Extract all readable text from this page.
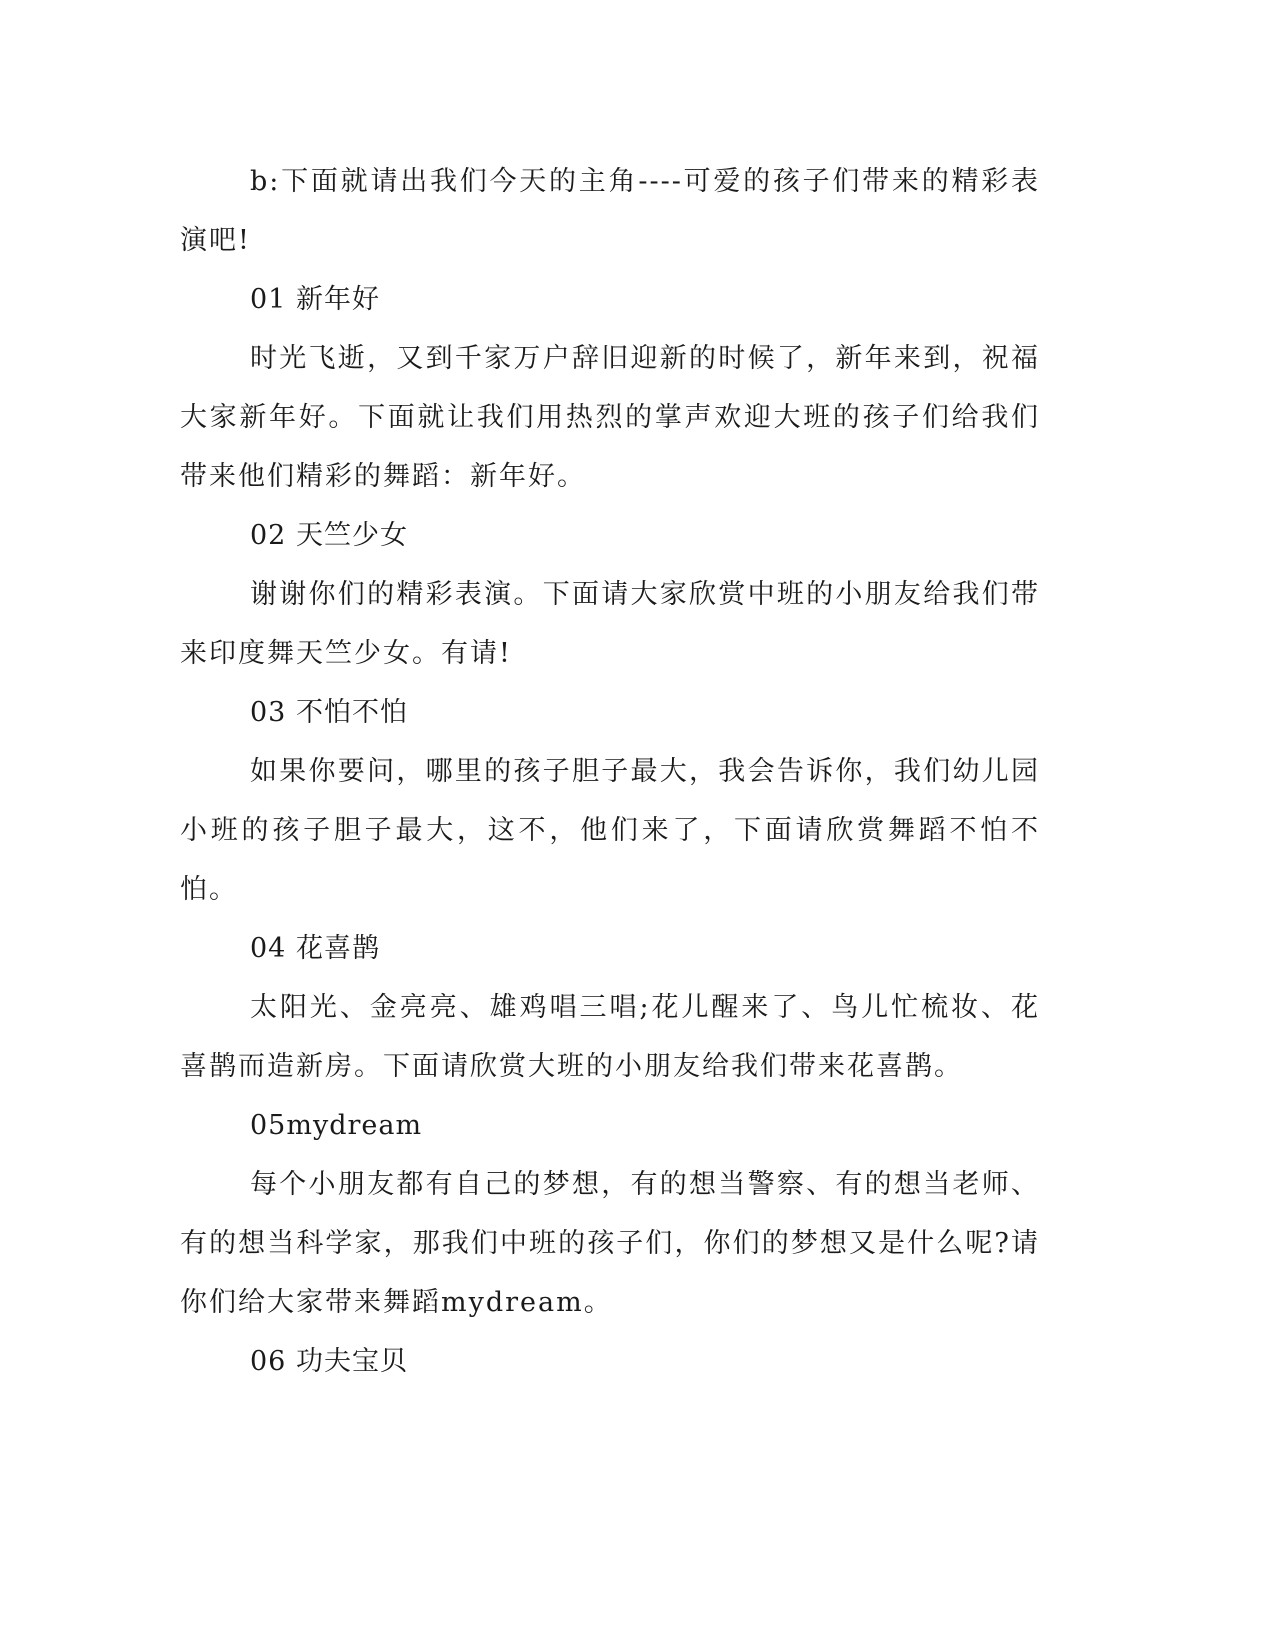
b:下面就请出我们今天的主角----可爱的孩子们带来的精彩表演吧!

01 新年好

时光飞逝，又到千家万户辞旧迎新的时候了，新年来到，祝福大家新年好。下面就让我们用热烈的掌声欢迎大班的孩子们给我们带来他们精彩的舞蹈：新年好。

02 天竺少女

谢谢你们的精彩表演。下面请大家欣赏中班的小朋友给我们带来印度舞天竺少女。有请!

03 不怕不怕

如果你要问，哪里的孩子胆子最大，我会告诉你，我们幼儿园小班的孩子胆子最大，这不，他们来了，下面请欣赏舞蹈不怕不怕。

04 花喜鹊

太阳光、金亮亮、雄鸡唱三唱;花儿醒来了、鸟儿忙梳妆、花喜鹊而造新房。下面请欣赏大班的小朋友给我们带来花喜鹊。

05mydream

每个小朋友都有自己的梦想，有的想当警察、有的想当老师、有的想当科学家，那我们中班的孩子们，你们的梦想又是什么呢?请你们给大家带来舞蹈mydream。

06 功夫宝贝
